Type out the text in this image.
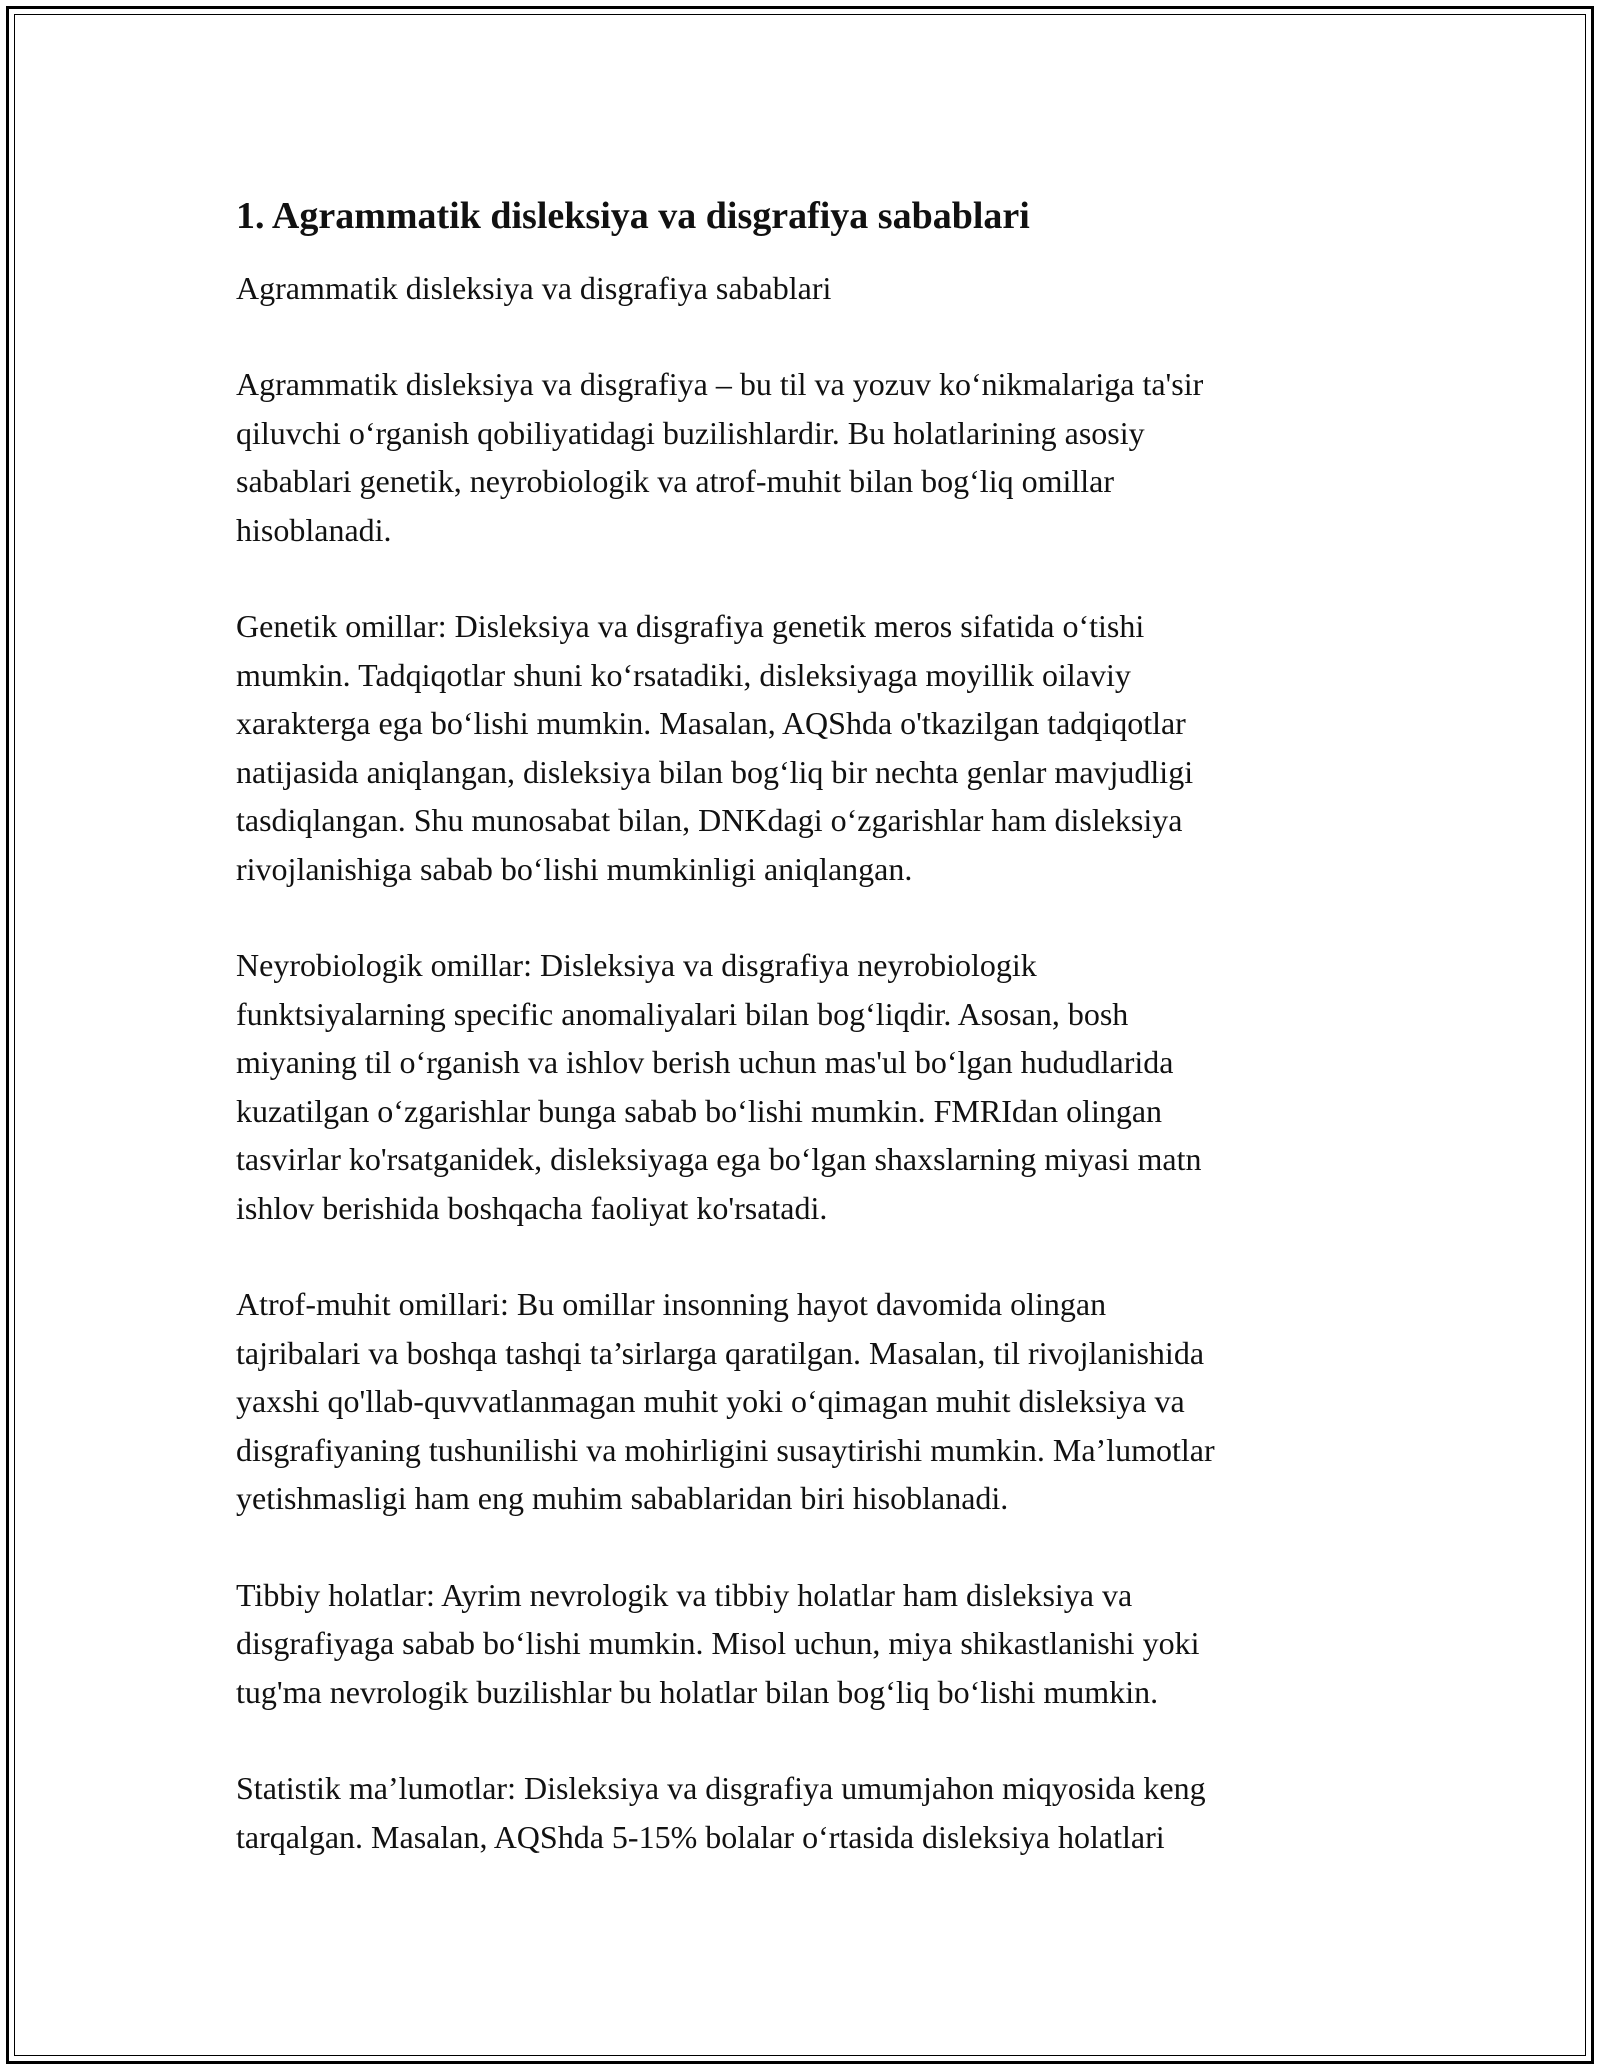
1. Agrammatik disleksiya va disgrafiya sabablari

Agrammatik disleksiya va disgrafiya sabablari

Agrammatik disleksiya va disgrafiya – bu til va yozuv ko‘nikmalariga ta'sir
qiluvchi o‘rganish qobiliyatidagi buzilishlardir. Bu holatlarining asosiy
sabablari genetik, neyrobiologik va atrof-muhit bilan bog‘liq omillar
hisoblanadi.

Genetik omillar: Disleksiya va disgrafiya genetik meros sifatida o‘tishi
mumkin. Tadqiqotlar shuni ko‘rsatadiki, disleksiyaga moyillik oilaviy
xarakterga ega bo‘lishi mumkin. Masalan, AQShda o'tkazilgan tadqiqotlar
natijasida aniqlangan, disleksiya bilan bog‘liq bir nechta genlar mavjudligi
tasdiqlangan. Shu munosabat bilan, DNKdagi o‘zgarishlar ham disleksiya
rivojlanishiga sabab bo‘lishi mumkinligi aniqlangan.

Neyrobiologik omillar: Disleksiya va disgrafiya neyrobiologik
funktsiyalarning specific anomaliyalari bilan bog‘liqdir. Asosan, bosh
miyaning til o‘rganish va ishlov berish uchun mas'ul bo‘lgan hududlarida
kuzatilgan o‘zgarishlar bunga sabab bo‘lishi mumkin. FMRIdan olingan
tasvirlar ko'rsatganidek, disleksiyaga ega bo‘lgan shaxslarning miyasi matn
ishlov berishida boshqacha faoliyat ko'rsatadi.

Atrof-muhit omillari: Bu omillar insonning hayot davomida olingan
tajribalari va boshqa tashqi ta’sirlarga qaratilgan. Masalan, til rivojlanishida
yaxshi qo'llab-quvvatlanmagan muhit yoki o‘qimagan muhit disleksiya va
disgrafiyaning tushunilishi va mohirligini susaytirishi mumkin. Ma’lumotlar
yetishmasligi ham eng muhim sabablaridan biri hisoblanadi.

Tibbiy holatlar: Ayrim nevrologik va tibbiy holatlar ham disleksiya va
disgrafiyaga sabab bo‘lishi mumkin. Misol uchun, miya shikastlanishi yoki
tug'ma nevrologik buzilishlar bu holatlar bilan bog‘liq bo‘lishi mumkin.

Statistik ma’lumotlar: Disleksiya va disgrafiya umumjahon miqyosida keng
tarqalgan. Masalan, AQShda 5-15% bolalar o‘rtasida disleksiya holatlari
